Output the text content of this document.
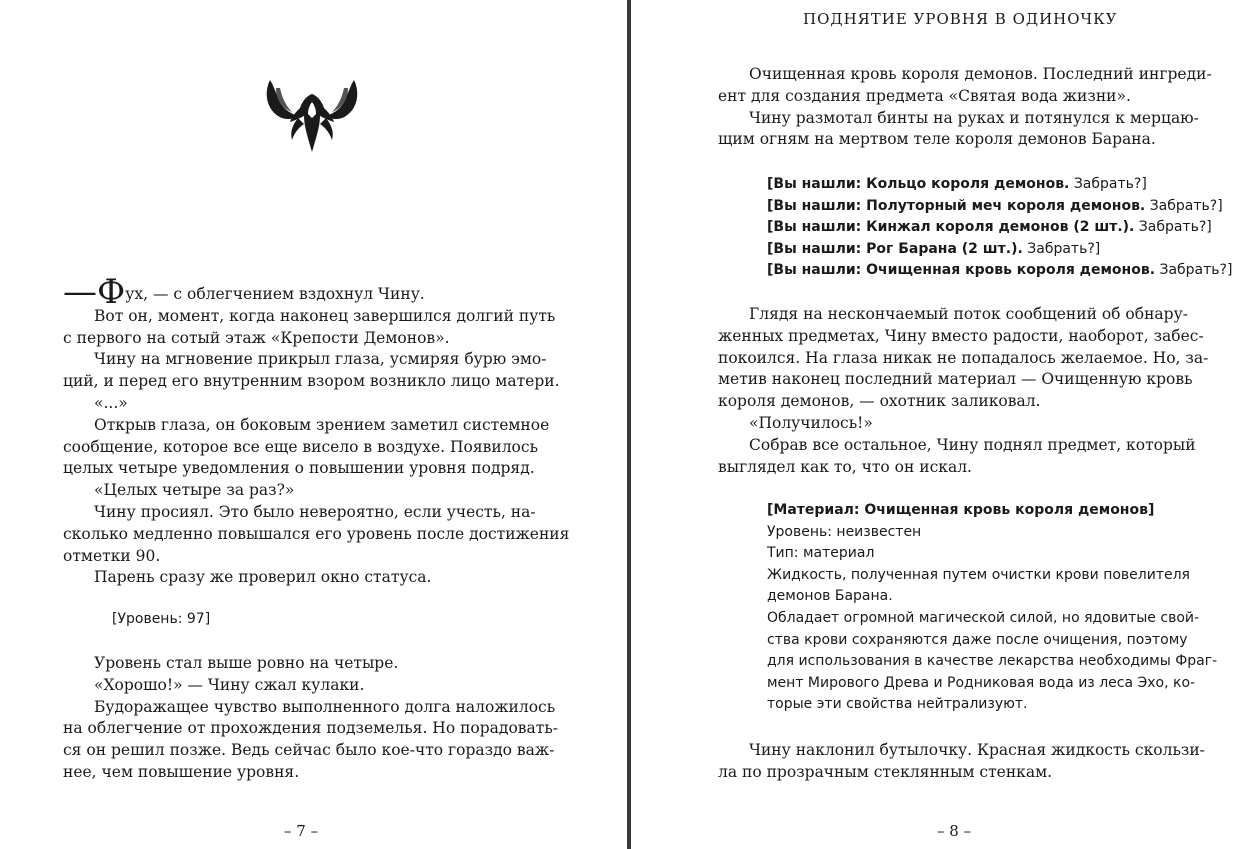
—Фух, — с облегчением вздохнул Чину.
Вот он, момент, когда наконец завершился долгий путь
с первого на сотый этаж «Крепости Демонов».
Чину на мгновение прикрыл глаза, усмиряя бурю эмо-
ций, и перед его внутренним взором возникло лицо матери.
«...»
Открыв глаза, он боковым зрением заметил системное
сообщение, которое все еще висело в воздухе. Появилось
целых четыре уведомления о повышении уровня подряд.
«Целых четыре за раз?»
Чину просиял. Это было невероятно, если учесть, на-
сколько медленно повышался его уровень после достижения
отметки 90.
Парень сразу же проверил окно статуса.
[Уровень: 97]
Уровень стал выше ровно на четыре.
«Хорошо!» — Чину сжал кулаки.
Будоражащее чувство выполненного долга наложилось
на облегчение от прохождения подземелья. Но порадовать-
ся он решил позже. Ведь сейчас было кое-что гораздо важ-
нее, чем повышение уровня.
– 7 –
ПОДНЯТИЕ УРОВНЯ В ОДИНОЧКУ
Очищенная кровь короля демонов. Последний ингреди-
ент для создания предмета «Святая вода жизни».
Чину размотал бинты на руках и потянулся к мерцаю-
щим огням на мертвом теле короля демонов Барана.
[Вы нашли: Кольцо короля демонов. Забрать?]
[Вы нашли: Полуторный меч короля демонов. Забрать?]
[Вы нашли: Кинжал короля демонов (2 шт.). Забрать?]
[Вы нашли: Рог Барана (2 шт.). Забрать?]
[Вы нашли: Очищенная кровь короля демонов. Забрать?]
Глядя на нескончаемый поток сообщений об обнару-
женных предметах, Чину вместо радости, наоборот, забес-
покоился. На глаза никак не попадалось желаемое. Но, за-
метив наконец последний материал — Очищенную кровь
короля демонов, — охотник заликовал.
«Получилось!»
Собрав все остальное, Чину поднял предмет, который
выглядел как то, что он искал.
[Материал: Очищенная кровь короля демонов]
Уровень: неизвестен
Тип: материал
Жидкость, полученная путем очистки крови повелителя
демонов Барана.
Обладает огромной магической силой, но ядовитые свой-
ства крови сохраняются даже после очищения, поэтому
для использования в качестве лекарства необходимы Фраг-
мент Мирового Древа и Родниковая вода из леса Эхо, ко-
торые эти свойства нейтрализуют.
Чину наклонил бутылочку. Красная жидкость скользи-
ла по прозрачным стеклянным стенкам.
– 8 –
